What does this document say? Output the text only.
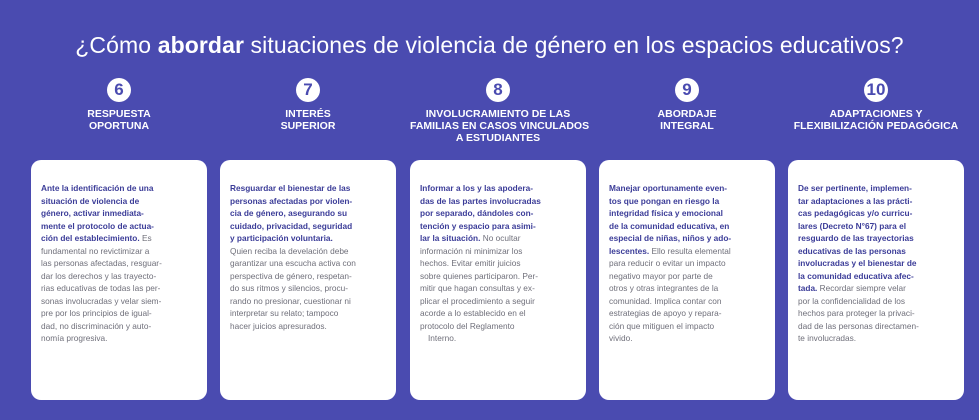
¿Cómo abordar situaciones de violencia de género en los espacios educativos?
6
RESPUESTA
OPORTUNA
Ante la identificación de una
situación de violencia de
género, activar inmediata-
mente el protocolo de actua-
ción del establecimiento. Es
fundamental no revictimizar a
las personas afectadas, resguar-
dar los derechos y las trayecto-
rias educativas de todas las per-
sonas involucradas y velar siem-
pre por los principios de igual-
dad, no discriminación y auto-
nomía progresiva.
7
INTERÉS
SUPERIOR
Resguardar el bienestar de las
personas afectadas por violen-
cia de género, asegurando su
cuidado, privacidad, seguridad
y participación voluntaria.
Quien reciba la develación debe
garantizar una escucha activa con
perspectiva de género, respetan-
do sus ritmos y silencios, procu-
rando no presionar, cuestionar ni
interpretar su relato; tampoco
hacer juicios apresurados.
8
INVOLUCRAMIENTO DE LAS
FAMILIAS EN CASOS VINCULADOS
A ESTUDIANTES
Informar a los y las apodera-
das de las partes involucradas
por separado, dándoles con-
tención y espacio para asimi-
lar la situación. No ocultar
información ni minimizar los
hechos. Evitar emitir juicios
sobre quienes participaron. Per-
mitir que hagan consultas y ex-
plicar el procedimiento a seguir
acorde a lo establecido en el
protocolo del Reglamento
Interno.
9
ABORDAJE
INTEGRAL
Manejar oportunamente even-
tos que pongan en riesgo la
integridad física y emocional
de la comunidad educativa, en
especial de niñas, niños y ado-
lescentes. Ello resulta elemental
para reducir o evitar un impacto
negativo mayor por parte de
otros y otras integrantes de la
comunidad. Implica contar con
estrategias de apoyo y repara-
ción que mitiguen el impacto
vivido.
10
ADAPTACIONES Y
FLEXIBILIZACIÓN PEDAGÓGICA
De ser pertinente, implemen-
tar adaptaciones a las prácti-
cas pedagógicas y/o curricu-
lares (Decreto N°67) para el
resguardo de las trayectorias
educativas de las personas
involucradas y el bienestar de
la comunidad educativa afec-
tada. Recordar siempre velar
por la confidencialidad de los
hechos para proteger la privaci-
dad de las personas directamen-
te involucradas.
